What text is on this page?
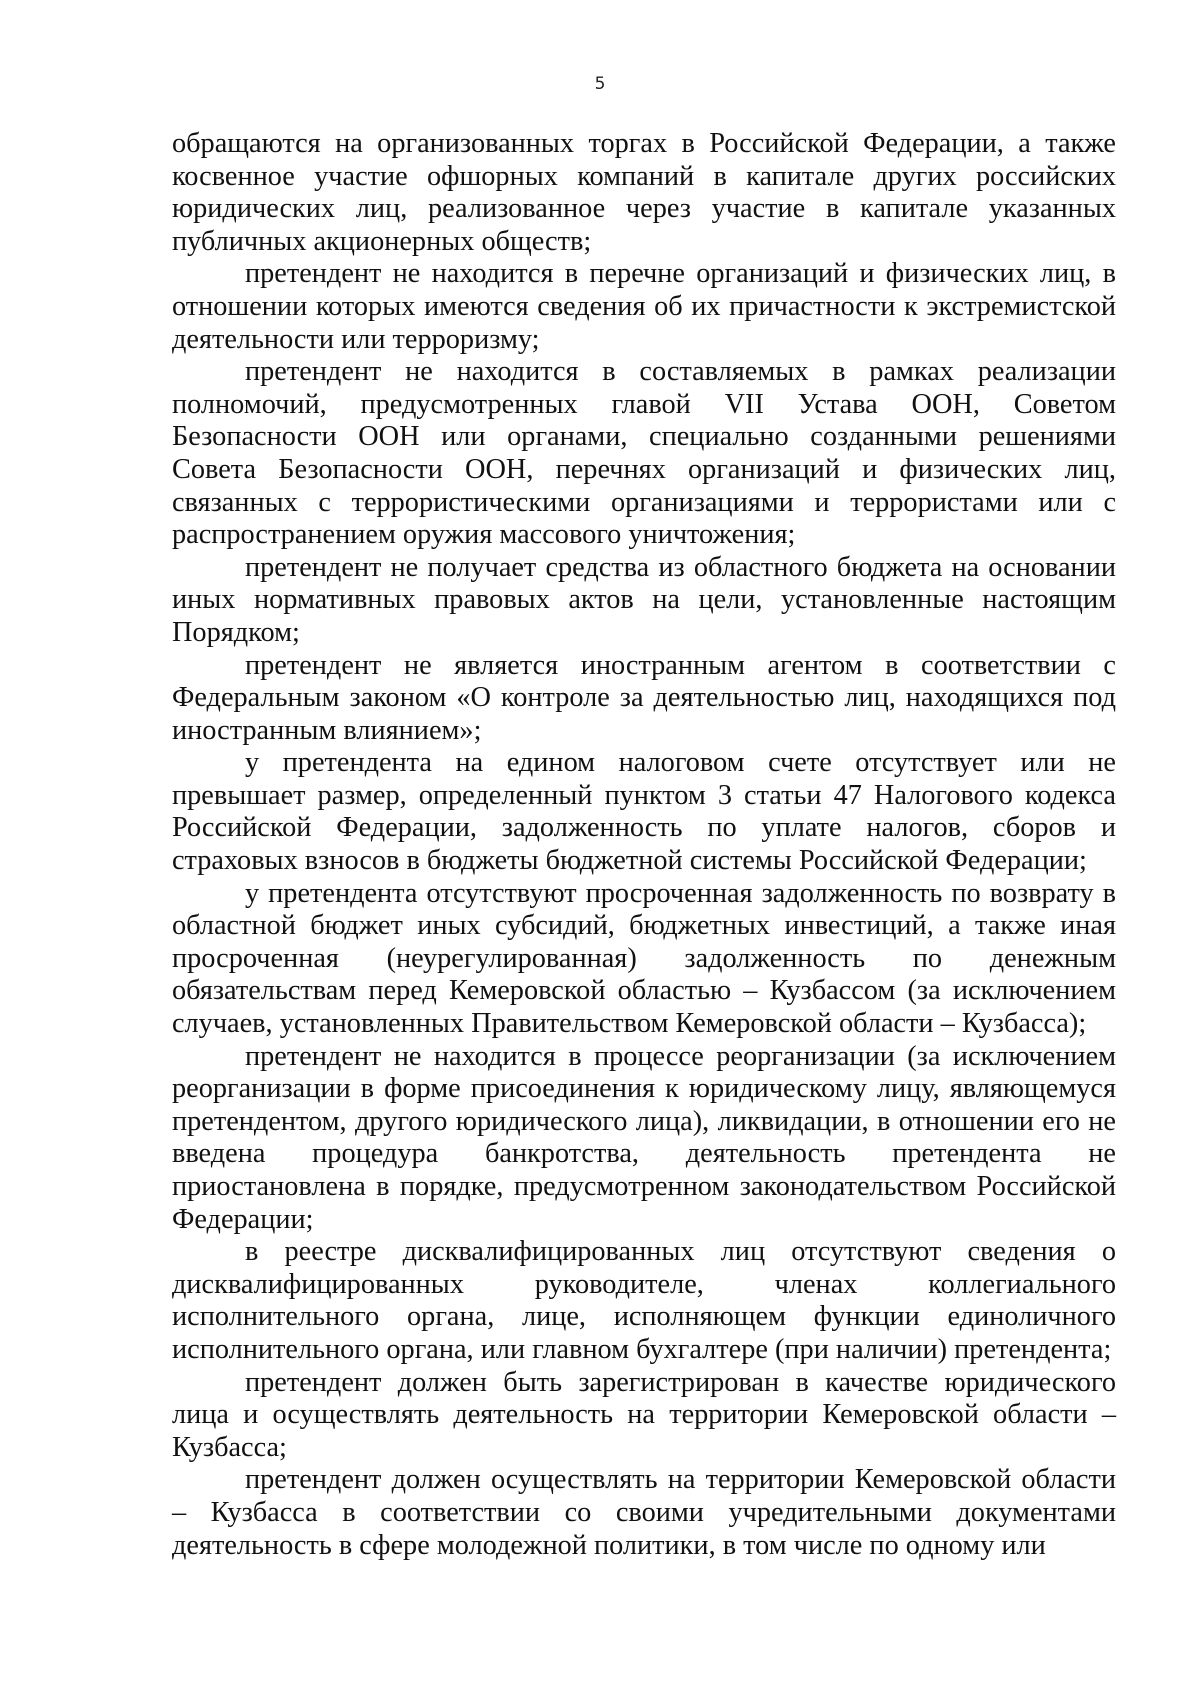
5

обращаются на организованных торгах в Российской Федерации, а также косвенное участие офшорных компаний в капитале других российских юридических лиц, реализованное через участие в капитале указанных публичных акционерных обществ;

претендент не находится в перечне организаций и физических лиц, в отношении которых имеются сведения об их причастности к экстремистской деятельности или терроризму;

претендент не находится в составляемых в рамках реализации полномочий, предусмотренных главой VII Устава ООН, Советом Безопасности ООН или органами, специально созданными решениями Совета Безопасности ООН, перечнях организаций и физических лиц, связанных с террористическими организациями и террористами или с распространением оружия массового уничтожения;

претендент не получает средства из областного бюджета на основании иных нормативных правовых актов на цели, установленные настоящим Порядком;

претендент не является иностранным агентом в соответствии с Федеральным законом «О контроле за деятельностью лиц, находящихся под иностранным влиянием»;

у претендента на едином налоговом счете отсутствует или не превышает размер, определенный пунктом 3 статьи 47 Налогового кодекса Российской Федерации, задолженность по уплате налогов, сборов и страховых взносов в бюджеты бюджетной системы Российской Федерации;

у претендента отсутствуют просроченная задолженность по возврату в областной бюджет иных субсидий, бюджетных инвестиций, а также иная просроченная (неурегулированная) задолженность по денежным обязательствам перед Кемеровской областью – Кузбассом (за исключением случаев, установленных Правительством Кемеровской области – Кузбасса);

претендент не находится в процессе реорганизации (за исключением реорганизации в форме присоединения к юридическому лицу, являющемуся претендентом, другого юридического лица), ликвидации, в отношении его не введена процедура банкротства, деятельность претендента не приостановлена в порядке, предусмотренном законодательством Российской Федерации;

в реестре дисквалифицированных лиц отсутствуют сведения о дисквалифицированных руководителе, членах коллегиального исполнительного органа, лице, исполняющем функции единоличного исполнительного органа, или главном бухгалтере (при наличии) претендента;

претендент должен быть зарегистрирован в качестве юридического лица и осуществлять деятельность на территории Кемеровской области – Кузбасса;

претендент должен осуществлять на территории Кемеровской области – Кузбасса в соответствии со своими учредительными документами деятельность в сфере молодежной политики, в том числе по одному или
